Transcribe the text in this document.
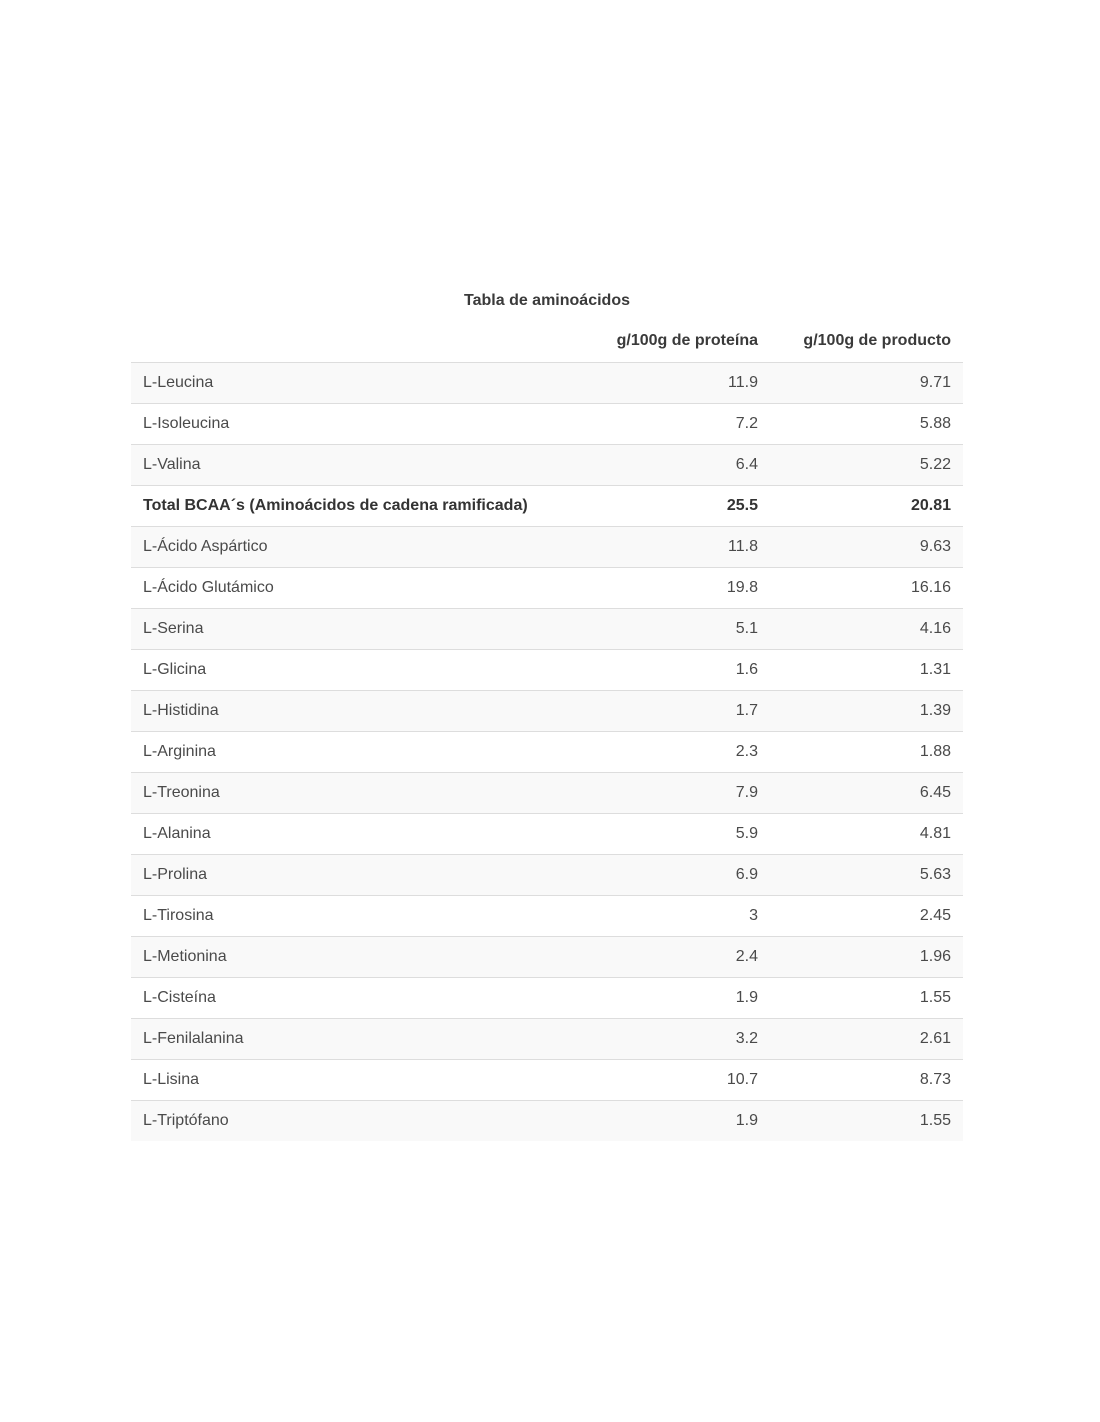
Tabla de aminoácidos
	g/100g de proteína	g/100g de producto
L-Leucina	11.9	9.71
L-Isoleucina	7.2	5.88
L-Valina	6.4	5.22
Total BCAA´s (Aminoácidos de cadena ramificada)	25.5	20.81
L-Ácido Aspártico	11.8	9.63
L-Ácido Glutámico	19.8	16.16
L-Serina	5.1	4.16
L-Glicina	1.6	1.31
L-Histidina	1.7	1.39
L-Arginina	2.3	1.88
L-Treonina	7.9	6.45
L-Alanina	5.9	4.81
L-Prolina	6.9	5.63
L-Tirosina	3	2.45
L-Metionina	2.4	1.96
L-Cisteína	1.9	1.55
L-Fenilalanina	3.2	2.61
L-Lisina	10.7	8.73
L-Triptófano	1.9	1.55
